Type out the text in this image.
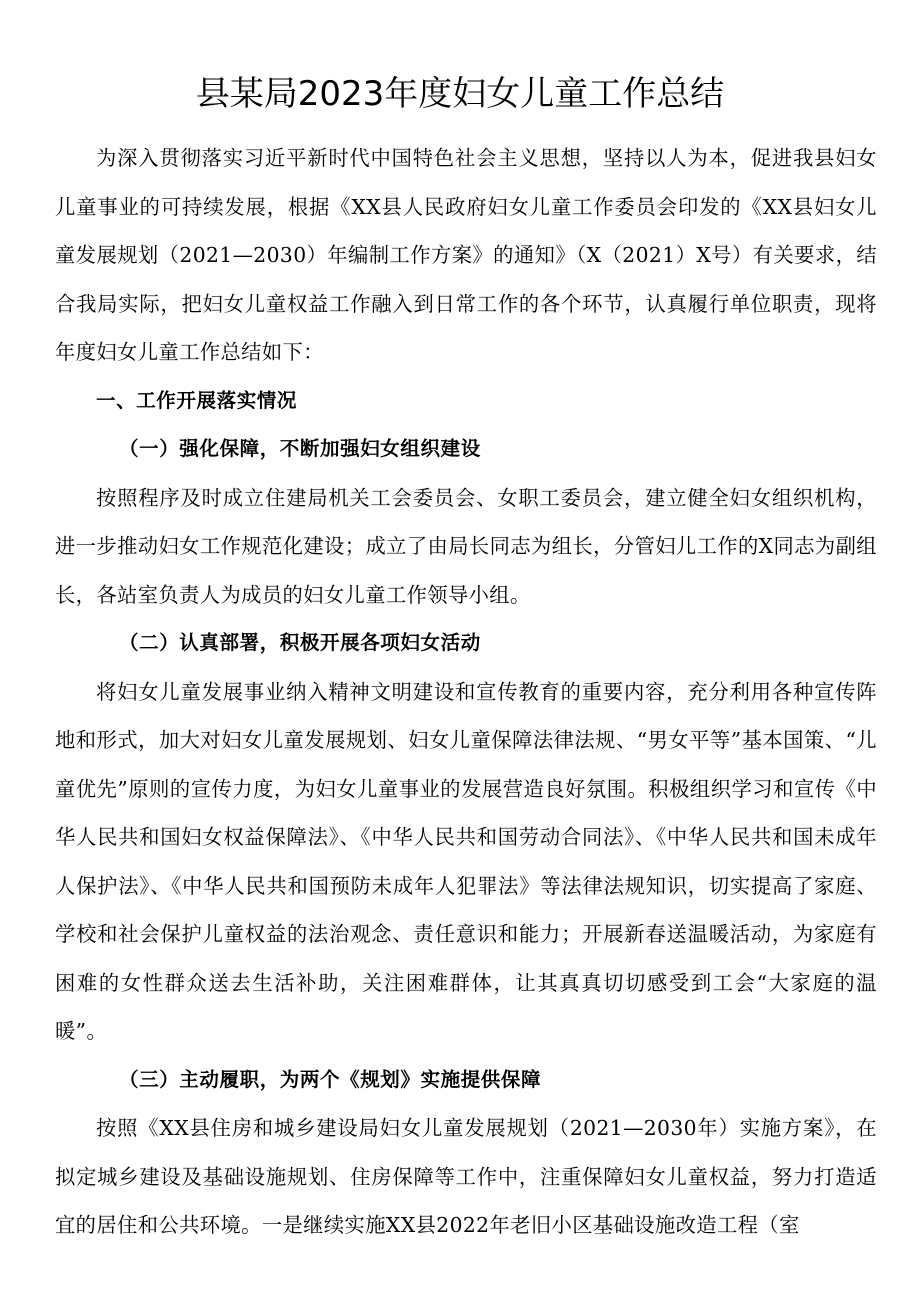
县某局2023年度妇女儿童工作总结

为深入贯彻落实习近平新时代中国特色社会主义思想，坚持以人为本，促进我县妇女儿童事业的可持续发展，根据《XX县人民政府妇女儿童工作委员会印发的《XX县妇女儿童发展规划（2021—2030）年编制工作方案》的通知》（X（2021）X号）有关要求，结合我局实际，把妇女儿童权益工作融入到日常工作的各个环节，认真履行单位职责，现将年度妇女儿童工作总结如下：

一、工作开展落实情况

（一）强化保障，不断加强妇女组织建设

按照程序及时成立住建局机关工会委员会、女职工委员会，建立健全妇女组织机构，进一步推动妇女工作规范化建设；成立了由局长同志为组长，分管妇儿工作的X同志为副组长，各站室负责人为成员的妇女儿童工作领导小组。

（二）认真部署，积极开展各项妇女活动

将妇女儿童发展事业纳入精神文明建设和宣传教育的重要内容，充分利用各种宣传阵地和形式，加大对妇女儿童发展规划、妇女儿童保障法律法规、“男女平等”基本国策、“儿童优先”原则的宣传力度，为妇女儿童事业的发展营造良好氛围。积极组织学习和宣传《中华人民共和国妇女权益保障法》、《中华人民共和国劳动合同法》、《中华人民共和国未成年人保护法》、《中华人民共和国预防未成年人犯罪法》等法律法规知识，切实提高了家庭、学校和社会保护儿童权益的法治观念、责任意识和能力；开展新春送温暖活动，为家庭有困难的女性群众送去生活补助，关注困难群体，让其真真切切感受到工会“大家庭的温暖”。

（三）主动履职，为两个《规划》实施提供保障

按照《XX县住房和城乡建设局妇女儿童发展规划（2021—2030年）实施方案》，在拟定城乡建设及基础设施规划、住房保障等工作中，注重保障妇女儿童权益，努力打造适宜的居住和公共环境。一是继续实施XX县2022年老旧小区基础设施改造工程（室
